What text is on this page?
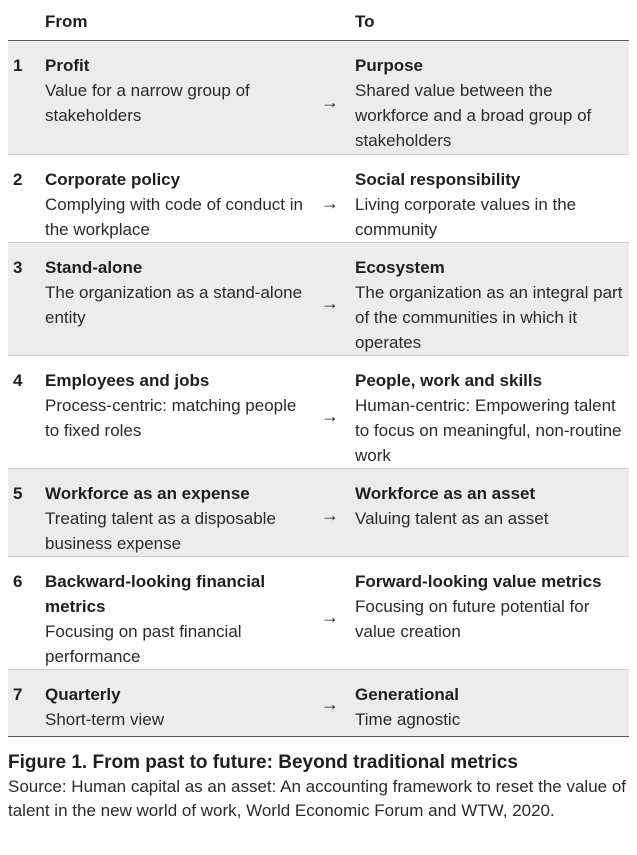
From	To
1 Profit
Value for a narrow group of stakeholders
→
Purpose
Shared value between the workforce and a broad group of stakeholders
2 Corporate policy
Complying with code of conduct in the workplace
→
Social responsibility
Living corporate values in the community
3 Stand-alone
The organization as a stand-alone entity
→
Ecosystem
The organization as an integral part of the communities in which it operates
4 Employees and jobs
Process-centric: matching people to fixed roles
→
People, work and skills
Human-centric: Empowering talent to focus on meaningful, non-routine work
5 Workforce as an expense
Treating talent as a disposable business expense
→
Workforce as an asset
Valuing talent as an asset
6 Backward-looking financial metrics
Focusing on past financial performance
→
Forward-looking value metrics
Focusing on future potential for value creation
7 Quarterly
Short-term view
→ Generational
Time agnostic
Figure 1. From past to future: Beyond traditional metrics
Source: Human capital as an asset: An accounting framework to reset the value of talent in the new world of work, World Economic Forum and WTW, 2020.
